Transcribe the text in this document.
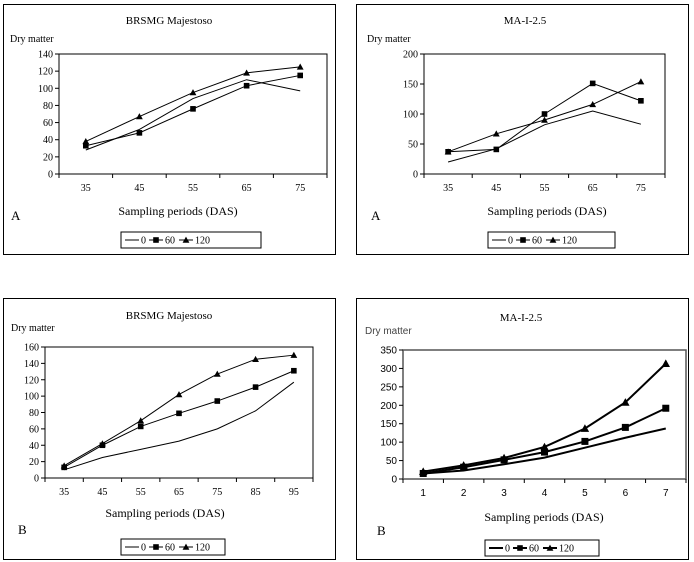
BRSMG Majestoso
Dry matter
0
20
40
60
80
100
120
140
35	45	55	65	75
Sampling periods (DAS)
A
0 60 120
MA-I-2.5
Dry matter
0
50
100
150
200
35	45	55	65	75
Sampling periods (DAS)
A
0 60 120
BRSMG Majestoso
Dry matter
0
20
40
60
80
100
120
140
160
35	45	55	65	75	85	95
Sampling periods (DAS)
B
0 60 120
MA-I-2.5
Dry matter
0
50
100
150
200
250
300
350
1	2	3	4	5	6	7
Sampling periods (DAS)
B
0 60 120
